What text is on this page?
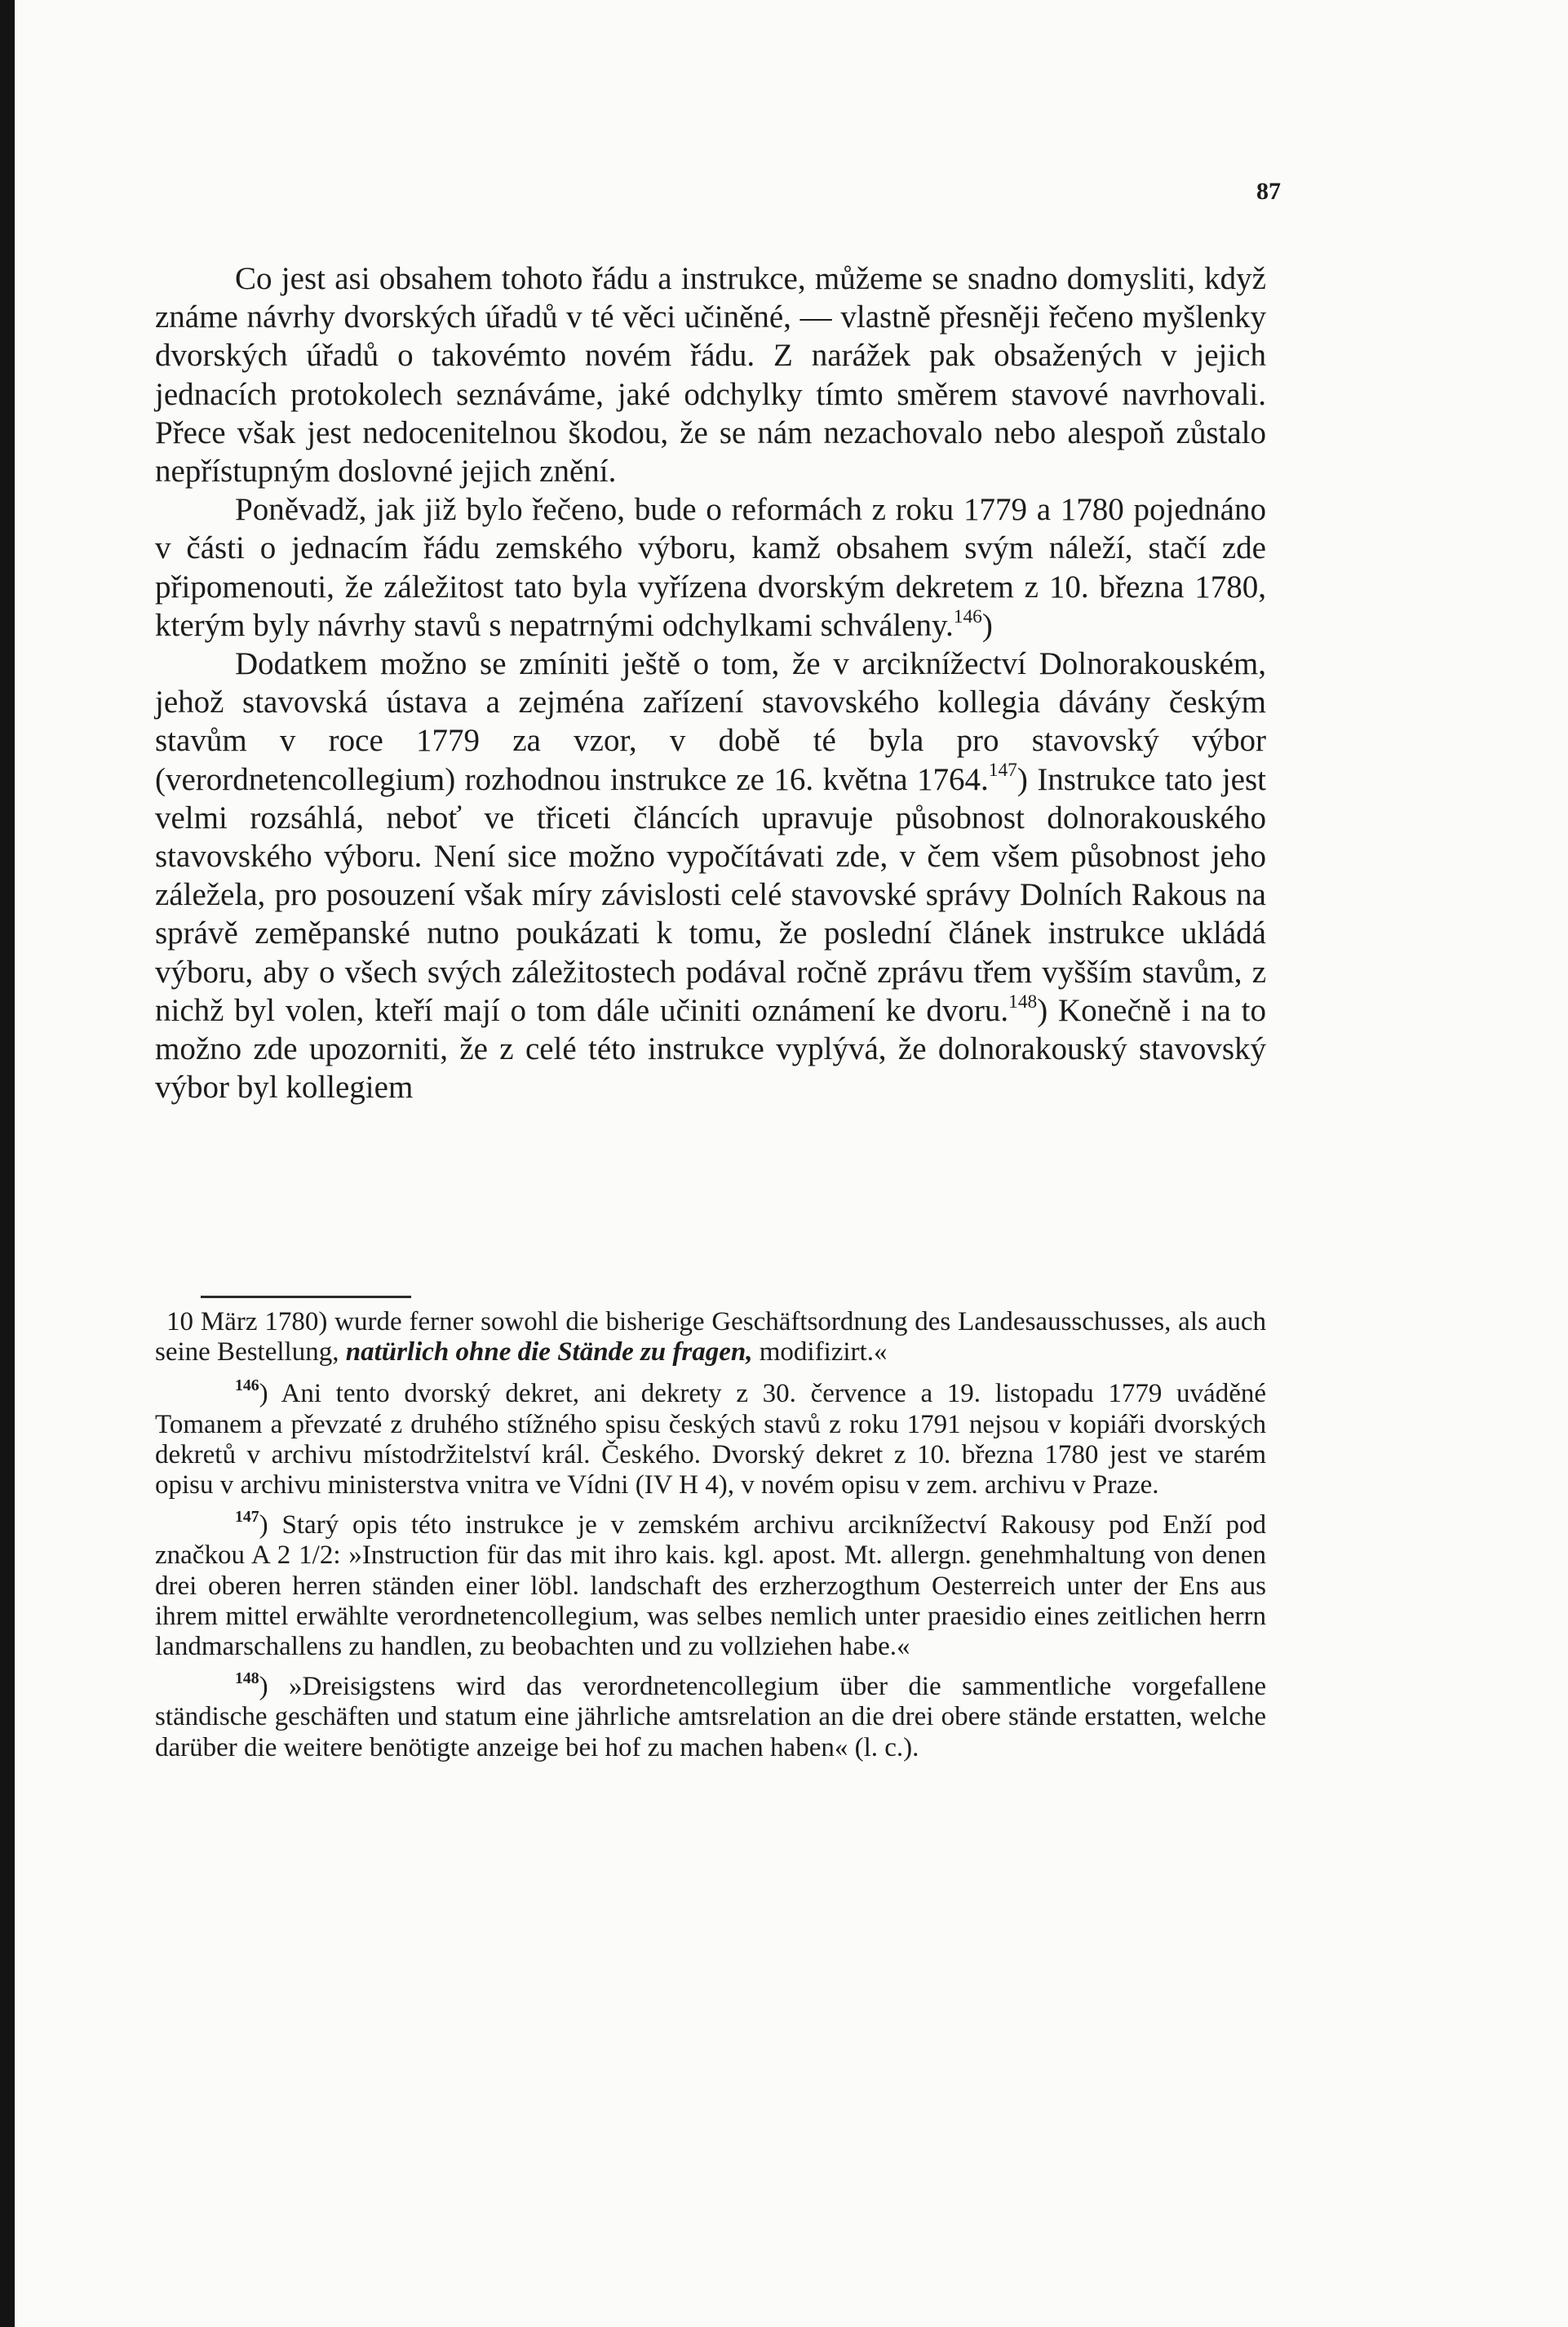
87

Co jest asi obsahem tohoto řádu a instrukce, můžeme se snadno domysliti, když známe návrhy dvorských úřadů v té věci učiněné, — vlastně přesněji řečeno myšlenky dvorských úřadů o takovémto novém řádu. Z narážek pak obsažených v jejich jednacích protokolech seznáváme, jaké odchylky tímto směrem stavové navrhovali. Přece však jest nedocenitelnou škodou, že se nám nezachovalo nebo alespoň zůstalo nepřístupným doslovné jejich znění.

Poněvadž, jak již bylo řečeno, bude o reformách z roku 1779 a 1780 pojednáno v části o jednacím řádu zemského výboru, kamž obsahem svým náleží, stačí zde připomenouti, že záležitost tato byla vyřízena dvorským dekretem z 10. března 1780, kterým byly návrhy stavů s nepatrnými odchylkami schváleny.$^{146}$)

Dodatkem možno se zmíniti ještě o tom, že v arciknížectví Dolnorakouském, jehož stavovská ústava a zejména zařízení stavovského kollegia dávány českým stavům v roce 1779 za vzor, v době té byla pro stavovský výbor (verordnetencollegium) rozhodnou instrukce ze 16. května 1764.$^{147}$) Instrukce tato jest velmi rozsáhlá, neboť ve třiceti článcích upravuje působnost dolnorakouského stavovského výboru. Není sice možno vypočítávati zde, v čem všem působnost jeho záležela, pro posouzení však míry závislosti celé stavovské správy Dolních Rakous na správě zeměpanské nutno poukázati k tomu, že poslední článek instrukce ukládá výboru, aby o všech svých záležitostech podával ročně zprávu třem vyšším stavům, z nichž byl volen, kteří mají o tom dále učiniti oznámení ke dvoru.$^{148}$) Konečně i na to možno zde upozorniti, že z celé této instrukce vyplývá, že dolnorakouský stavovský výbor byl kollegiem

10 März 1780) wurde ferner sowohl die bisherige Geschäftsordnung des Landesausschusses, als auch seine Bestellung, natürlich ohne die Stände zu fragen, modifizirt.«

$^{146}$) Ani tento dvorský dekret, ani dekrety z 30. července a 19. listopadu 1779 uváděné Tomanem a převzaté z druhého stížného spisu českých stavů z roku 1791 nejsou v kopiáři dvorských dekretů v archivu místodržitelství král. Českého. Dvorský dekret z 10. března 1780 jest ve starém opisu v archivu ministerstva vnitra ve Vídni (IV H 4), v novém opisu v zem. archivu v Praze.

$^{147}$) Starý opis této instrukce je v zemském archivu arciknížectví Rakousy pod Enží pod značkou A 2 1/2: »Instruction für das mit ihro kais. kgl. apost. Mt. allergn. genehmhaltung von denen drei oberen herren ständen einer löbl. landschaft des erzherzogthum Oesterreich unter der Ens aus ihrem mittel erwählte verordnetencollegium, was selbes nemlich unter praesidio eines zeitlichen herrn landmarschallens zu handlen, zu beobachten und zu vollziehen habe.«

$^{148}$) »Dreisigstens wird das verordnetencollegium über die sammentliche vorgefallene ständische geschäften und statum eine jährliche amtsrelation an die drei obere stände erstatten, welche darüber die weitere benötigte anzeige bei hof zu machen haben« (l. c.).
